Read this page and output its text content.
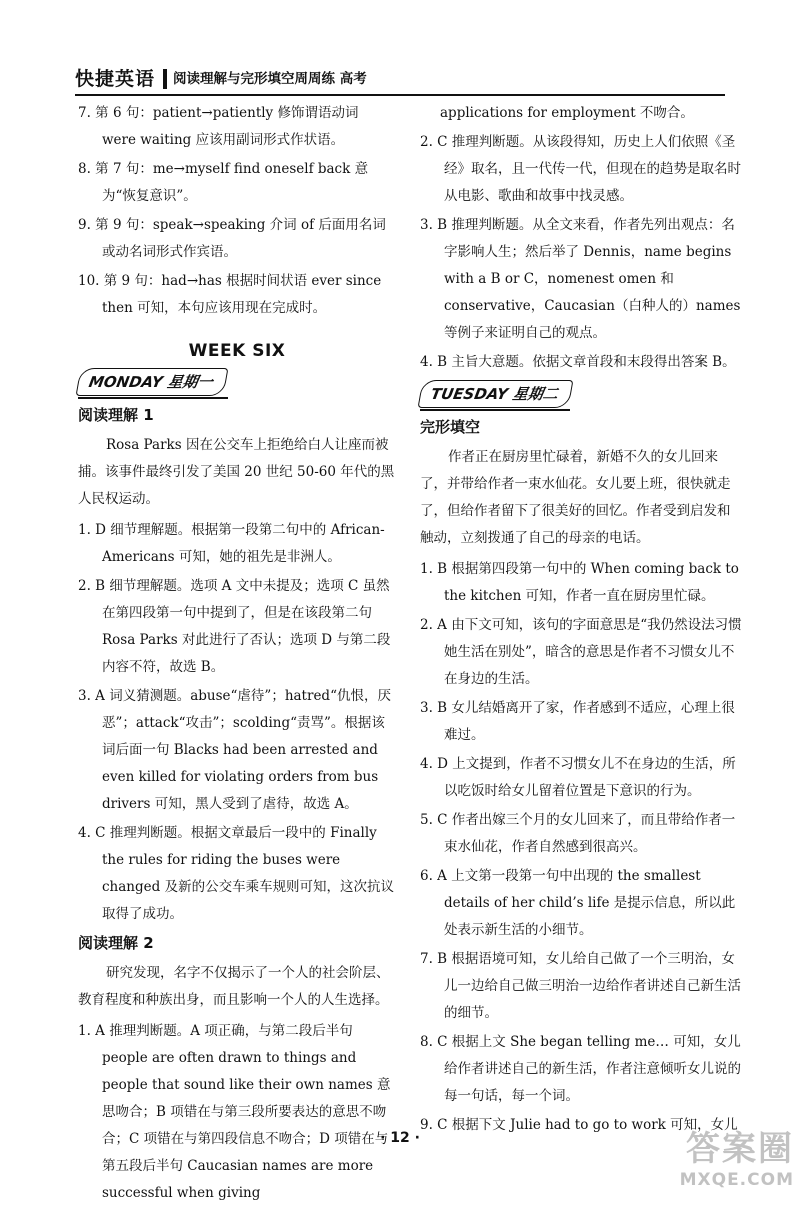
快捷英语 阅读理解与完形填空周周练 高考

7. 第 6 句：patient→patiently 修饰谓语动词 were waiting 应该用副词形式作状语。

8. 第 7 句：me→myself find oneself back 意为“恢复意识”。

9. 第 9 句：speak→speaking 介词 of 后面用名词或动名词形式作宾语。

10. 第 9 句：had→has 根据时间状语 ever since then 可知，本句应该用现在完成时。

WEEK SIX
MONDAY 星期一
阅读理解 1

Rosa Parks 因在公交车上拒绝给白人让座而被捕。该事件最终引发了美国 20 世纪 50-60 年代的黑人民权运动。

1. D 细节理解题。根据第一段第二句中的 African-Americans 可知，她的祖先是非洲人。

2. B 细节理解题。选项 A 文中未提及；选项 C 虽然在第四段第一句中提到了，但是在该段第二句 Rosa Parks 对此进行了否认；选项 D 与第二段内容不符，故选 B。

3. A 词义猜测题。abuse“虐待”；hatred“仇恨，厌恶”；attack“攻击”；scolding“责骂”。根据该词后面一句 Blacks had been arrested and even killed for violating orders from bus drivers 可知，黑人受到了虐待，故选 A。

4. C 推理判断题。根据文章最后一段中的 Finally the rules for riding the buses were changed 及新的公交车乘车规则可知，这次抗议取得了成功。

阅读理解 2

研究发现，名字不仅揭示了一个人的社会阶层、教育程度和种族出身，而且影响一个人的人生选择。

1. A 推理判断题。A 项正确，与第二段后半句 people are often drawn to things and people that sound like their own names 意思吻合；B 项错在与第三段所要表达的意思不吻合；C 项错在与第四段信息不吻合；D 项错在与第五段后半句 Caucasian names are more successful when giving

applications for employment 不吻合。

2. C 推理判断题。从该段得知，历史上人们依照《圣经》取名，且一代传一代，但现在的趋势是取名时从电影、歌曲和故事中找灵感。

3. B 推理判断题。从全文来看，作者先列出观点：名字影响人生；然后举了 Dennis，name begins with a B or C，nomenest omen 和 conservative，Caucasian（白种人的）names 等例子来证明自己的观点。

4. B 主旨大意题。依据文章首段和末段得出答案 B。

TUESDAY 星期二
完形填空

作者正在厨房里忙碌着，新婚不久的女儿回来了，并带给作者一束水仙花。女儿要上班，很快就走了，但给作者留下了很美好的回忆。作者受到启发和触动，立刻拨通了自己的母亲的电话。

1. B 根据第四段第一句中的 When coming back to the kitchen 可知，作者一直在厨房里忙碌。

2. A 由下文可知，该句的字面意思是“我仍然设法习惯她生活在别处”，暗含的意思是作者不习惯女儿不在身边的生活。

3. B 女儿结婚离开了家，作者感到不适应，心理上很难过。

4. D 上文提到，作者不习惯女儿不在身边的生活，所以吃饭时给女儿留着位置是下意识的行为。

5. C 作者出嫁三个月的女儿回来了，而且带给作者一束水仙花，作者自然感到很高兴。

6. A 上文第一段第一句中出现的 the smallest details of her child’s life 是提示信息，所以此处表示新生活的小细节。

7. B 根据语境可知，女儿给自己做了一个三明治，女儿一边给自己做三明治一边给作者讲述自己新生活的细节。

8. C 根据上文 She began telling me… 可知，女儿给作者讲述自己的新生活，作者注意倾听女儿说的每一句话，每一个词。

9. C 根据下文 Julie had to go to work 可知，女儿

· 12 ·	答案圈
MXQE.COM
